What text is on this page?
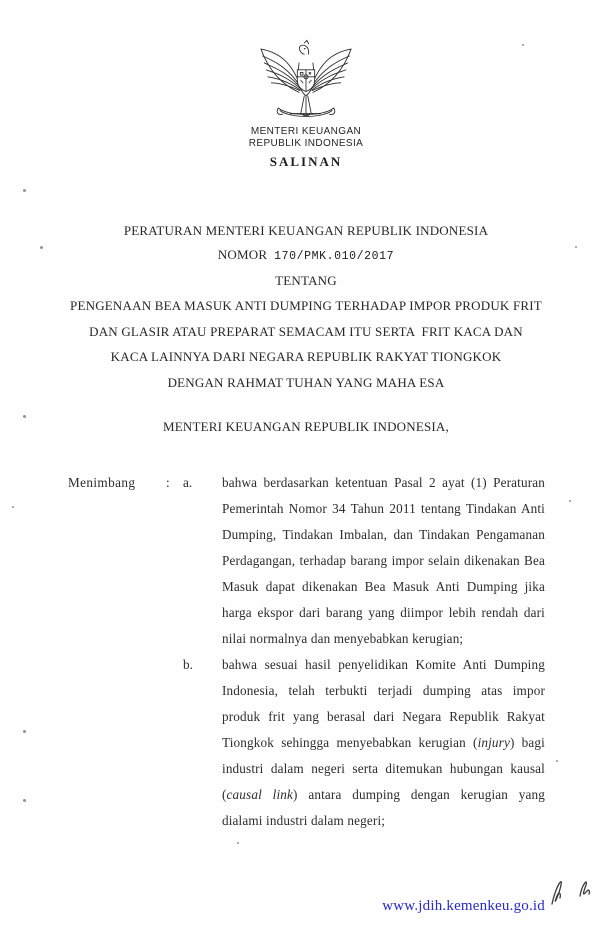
MENTERI KEUANGAN
REPUBLIK INDONESIA
SALINAN
PERATURAN MENTERI KEUANGAN REPUBLIK INDONESIA
NOMOR 170/PMK.010/2017
TENTANG
PENGENAAN BEA MASUK ANTI DUMPING TERHADAP IMPOR PRODUK FRIT
DAN GLASIR ATAU PREPARAT SEMACAM ITU SERTA  FRIT KACA DAN
KACA LAINNYA DARI NEGARA REPUBLIK RAKYAT TIONGKOK
DENGAN RAHMAT TUHAN YANG MAHA ESA
MENTERI KEUANGAN REPUBLIK INDONESIA,
Menimbang	:	a.	bahwa berdasarkan ketentuan Pasal 2 ayat (1) Peraturan Pemerintah Nomor 34 Tahun 2011 tentang Tindakan Anti Dumping, Tindakan Imbalan, dan Tindakan Pengamanan Perdagangan, terhadap barang impor selain dikenakan Bea Masuk dapat dikenakan Bea Masuk Anti Dumping jika harga ekspor dari barang yang diimpor lebih rendah dari nilai normalnya dan menyebabkan kerugian;
b.	bahwa sesuai hasil penyelidikan Komite Anti Dumping Indonesia, telah terbukti terjadi dumping atas impor produk frit yang berasal dari Negara Republik Rakyat Tiongkok sehingga menyebabkan kerugian (injury) bagi industri dalam negeri serta ditemukan hubungan kausal (causal link) antara dumping dengan kerugian yang dialami industri dalam negeri;
www.jdih.kemenkeu.go.id
